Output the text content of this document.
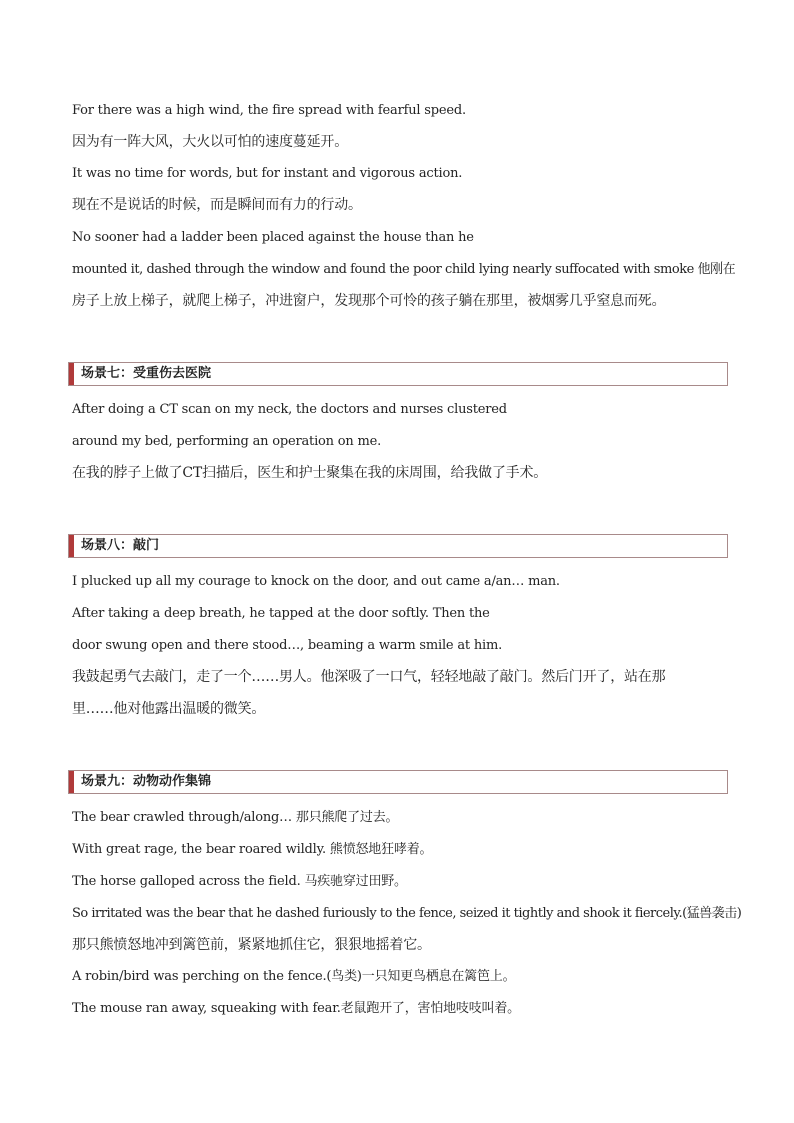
For there was a high wind, the fire spread with fearful speed.
因为有一阵大风，大火以可怕的速度蔓延开。
It was no time for words, but for instant and vigorous action.
现在不是说话的时候，而是瞬间而有力的行动。
No sooner had a ladder been placed against the house than he
mounted it, dashed through the window and found the poor child lying nearly suffocated with smoke 他刚在
房子上放上梯子，就爬上梯子，冲进窗户，发现那个可怜的孩子躺在那里，被烟雾几乎窒息而死。
场景七：受重伤去医院
After doing a CT scan on my neck, the doctors and nurses clustered
around my bed, performing an operation on me.
在我的脖子上做了CT扫描后，医生和护士聚集在我的床周围，给我做了手术。
场景八：敲门
I plucked up all my courage to knock on the door, and out came a/an… man.
After taking a deep breath, he tapped at the door softly. Then the
door swung open and there stood…, beaming a warm smile at him.
我鼓起勇气去敲门，走了一个……男人。他深吸了一口气，轻轻地敲了敲门。然后门开了，站在那
里……他对他露出温暖的微笑。
场景九：动物动作集锦
The bear crawled through/along… 那只熊爬了过去。
With great rage, the bear roared wildly. 熊愤怒地狂哮着。
The horse galloped across the field. 马疾驰穿过田野。
So irritated was the bear that he dashed furiously to the fence, seized it tightly and shook it fiercely.(猛兽袭击)
那只熊愤怒地冲到篱笆前，紧紧地抓住它，狠狠地摇着它。
A robin/bird was perching on the fence.(鸟类)一只知更鸟栖息在篱笆上。
The mouse ran away, squeaking with fear.老鼠跑开了，害怕地吱吱叫着。
